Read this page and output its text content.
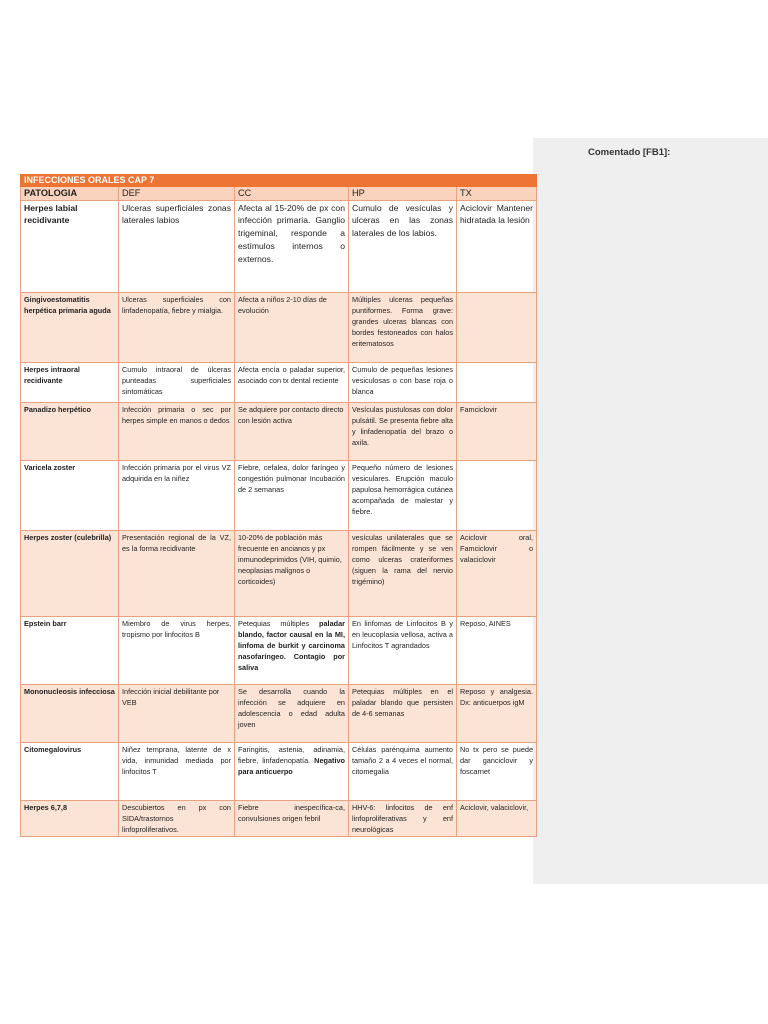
Comentado [FB1]:
INFECCIONES ORALES CAP 7				
PATOLOGIA	DEF	CC	HP	TX
Herpes labial recidivante	Ulceras superficiales zonas laterales labios	Afecta al 15-20% de px con infección primaria. Ganglio trigeminal, responde a estímulos internos o externos.	Cumulo de vesículas y ulceras en las zonas laterales de los labios.	Aciclovir Mantener hidratada la lesión
Gingivoestomatitis herpética primaria aguda	Ulceras superficiales con linfadenopatía, fiebre y mialgia.	Afecta a niños 2-10 días de evolución	Múltiples ulceras pequeñas puntiformes. Forma grave: grandes ulceras blancas con bordes festoneados con halos eritematosos	
Herpes intraoral recidivante	Cumulo intraoral de úlceras punteadas superficiales sintomáticas	Afecta encía o paladar superior, asociado con tx dental reciente	Cumulo de pequeñas lesiones vesiculosas o con base roja o blanca	
Panadizo herpético	Infección primaria o sec por herpes simple en manos o dedos	Se adquiere por contacto directo con lesión activa	Vesículas pustulosas con dolor pulsátil. Se presenta fiebre alta y linfadenopatía del brazo o axila.	Famciclovir
Varicela zoster	Infección primaria por el virus VZ adquirida en la niñez	Fiebre, cefalea, dolor faríngeo y congestión pulmonar Incubación de 2 semanas	Pequeño número de lesiones vesiculares. Erupción maculo papulosa hemorrágica cutánea acompañada de malestar y fiebre.	
Herpes zoster (culebrilla)	Presentación regional de la VZ, es la forma recidivante	10-20% de población más frecuente en ancianos y px inmunodeprimidos (VIH, quimio, neoplasias malignos o corticoides)	vesículas unilaterales que se rompen fácilmente y se ven como ulceras crateriformes (siguen la rama del nervio trigémino)	Aciclovir oral, Famciclovir o valaciclovir
Epstein barr	Miembro de virus herpes, tropismo por linfocitos B	Petequias múltiples paladar blando, factor causal en la MI, linfoma de burkit y carcinoma nasofaríngeo. Contagio por saliva	En linfomas de Linfocitos B y en leucoplasia vellosa, activa a Linfocitos T agrandados	Reposo, AINES
Mononucleosis infecciosa	Infección inicial debilitante por VEB	Se desarrolla cuando la infección se adquiere en adolescencia o edad adulta joven	Petequias múltiples en el paladar blando que persisten de 4-6 semanas	Reposo y analgesia. Dx: anticuerpos igM
Citomegalovirus	Niñez temprana, latente de x vida, inmunidad mediada por linfocitos T	Faringitis, astenia, adinamia, fiebre, linfadenopatía. Negativo para anticuerpo	Células parénquima aumento tamaño 2 a 4 veces el normal, citomegalia	No tx pero se puede dar ganciclovir y foscarnet
Herpes 6,7,8	Descubiertos en px con SIDA/trastornos linfoproliferativos.	Fiebre inespecífica-ca, convulsiones origen febril	HHV-6: linfocitos de enf linfoproliferativas y enf neurológicas	Aciclovir, valaciclovir,
